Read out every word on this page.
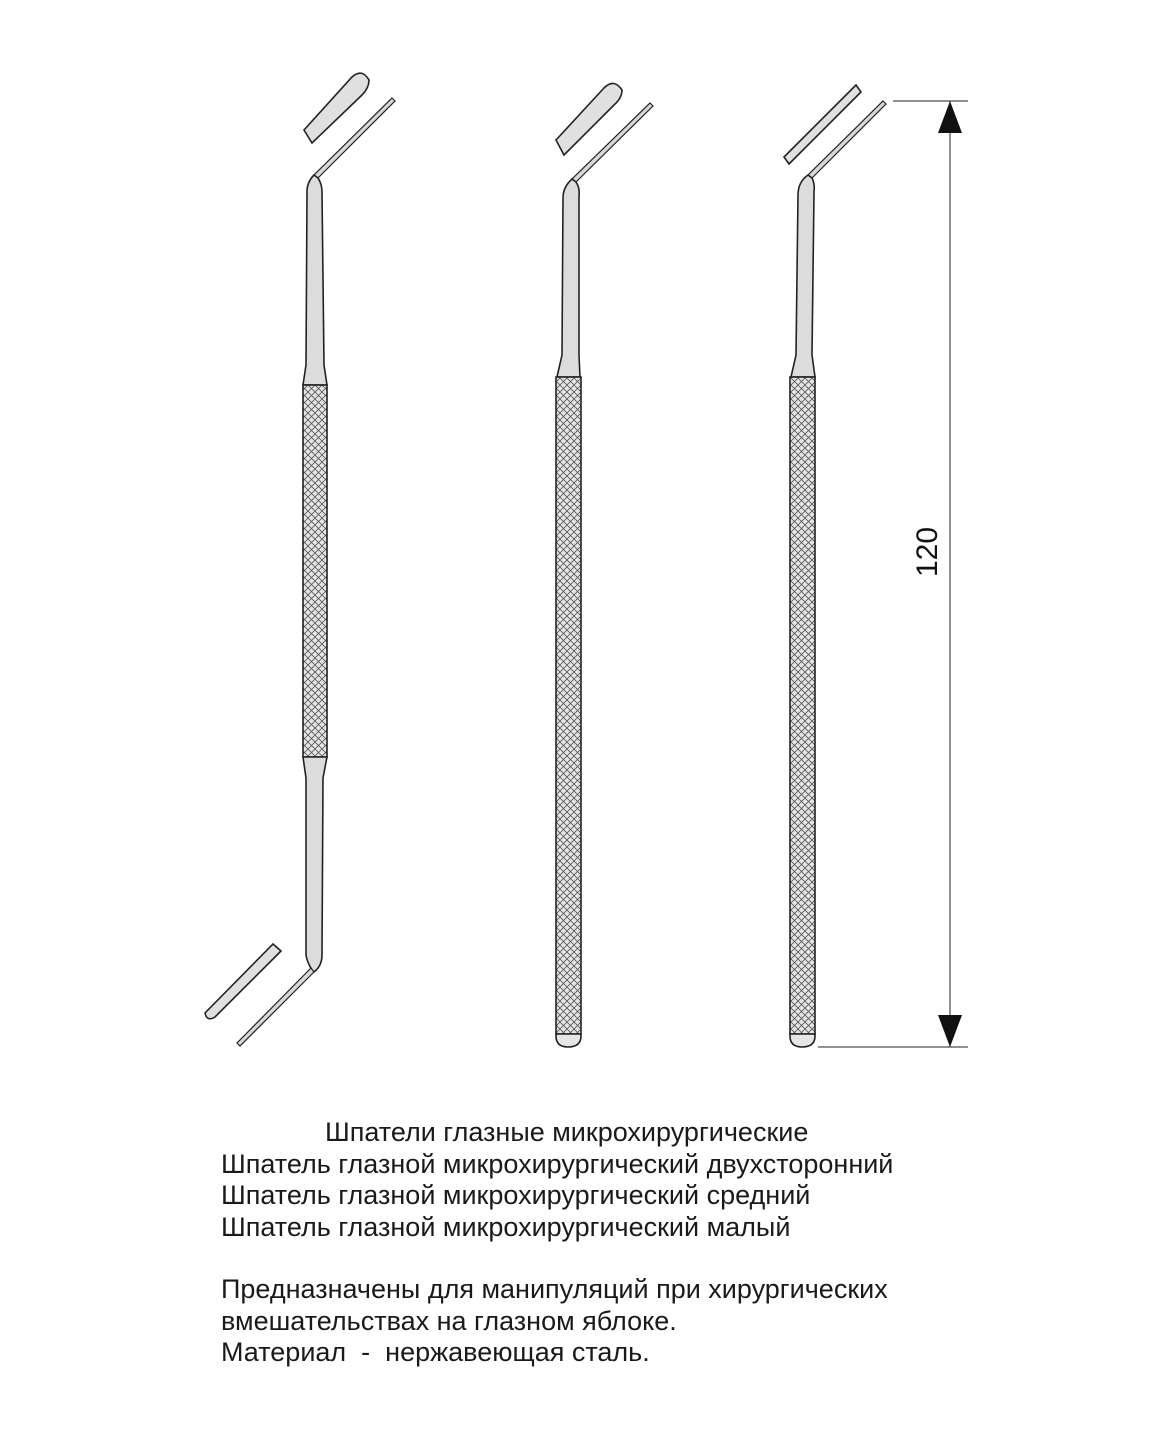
120
Шпатели глазные микрохирургические
Шпатель глазной микрохирургический двухсторонний
Шпатель глазной микрохирургический средний
Шпатель глазной микрохирургический малый
Предназначены для манипуляций при хирургических
вмешательствах на глазном яблоке.
Материал  -  нержавеющая сталь.
